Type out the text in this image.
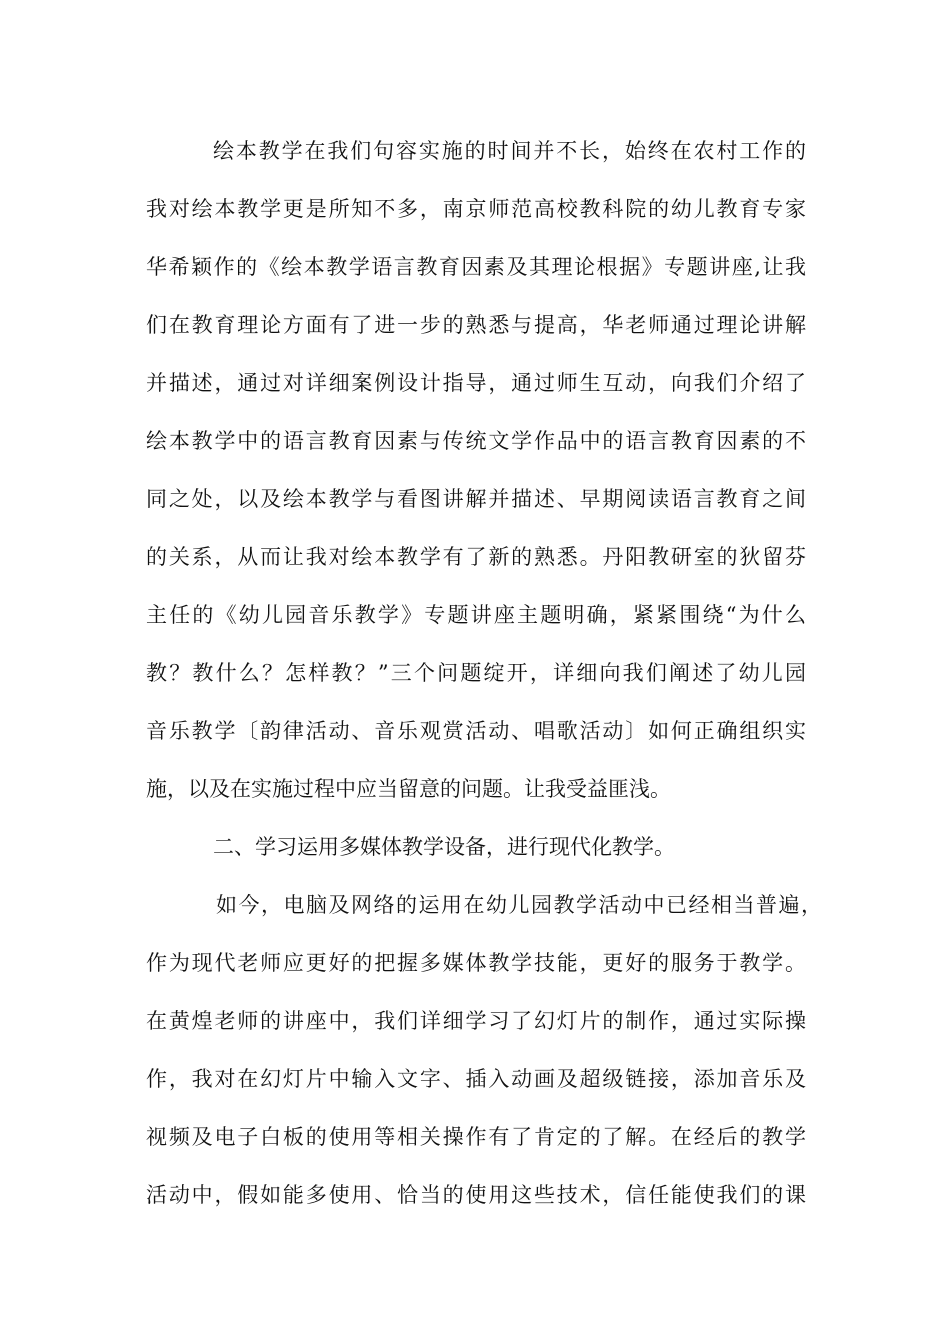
绘本教学在我们句容实施的时间并不长，始终在农村工作的
我对绘本教学更是所知不多，南京师范高校教科院的幼儿教育专家
华希颖作的《绘本教学语言教育因素及其理论根据》专题讲座,让我
们在教育理论方面有了进一步的熟悉与提高，华老师通过理论讲解
并描述，通过对详细案例设计指导，通过师生互动，向我们介绍了
绘本教学中的语言教育因素与传统文学作品中的语言教育因素的不
同之处，以及绘本教学与看图讲解并描述、早期阅读语言教育之间
的关系，从而让我对绘本教学有了新的熟悉。丹阳教研室的狄留芬
主任的《幼儿园音乐教学》专题讲座主题明确，紧紧围绕“为什么
教？教什么？怎样教？”三个问题绽开，详细向我们阐述了幼儿园
音乐教学〔韵律活动、音乐观赏活动、唱歌活动〕如何正确组织实
施，以及在实施过程中应当留意的问题。让我受益匪浅。
二、学习运用多媒体教学设备，进行现代化教学。
如今，电脑及网络的运用在幼儿园教学活动中已经相当普遍，
作为现代老师应更好的把握多媒体教学技能，更好的服务于教学。
在黄煌老师的讲座中，我们详细学习了幻灯片的制作，通过实际操
作，我对在幻灯片中输入文字、插入动画及超级链接，添加音乐及
视频及电子白板的使用等相关操作有了肯定的了解。在经后的教学
活动中，假如能多使用、恰当的使用这些技术，信任能使我们的课
